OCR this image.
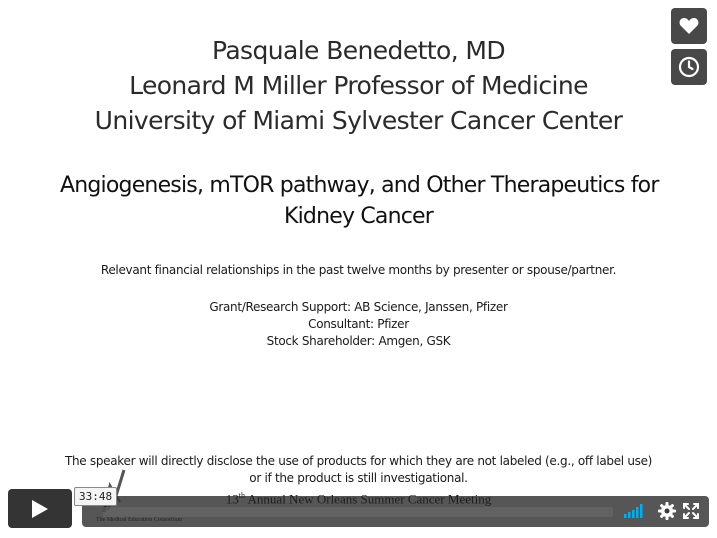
Pasquale Benedetto, MD
Leonard M Miller Professor of Medicine
University of Miami Sylvester Cancer Center
Angiogenesis, mTOR pathway, and Other Therapeutics for
Kidney Cancer
Relevant financial relationships in the past twelve months by presenter or spouse/partner.
Grant/Research Support: AB Science, Janssen, Pfizer
Consultant: Pfizer
Stock Shareholder: Amgen, GSK
The speaker will directly disclose the use of products for which they are not labeled (e.g., off label use)
or if the product is still investigational.
33:48
